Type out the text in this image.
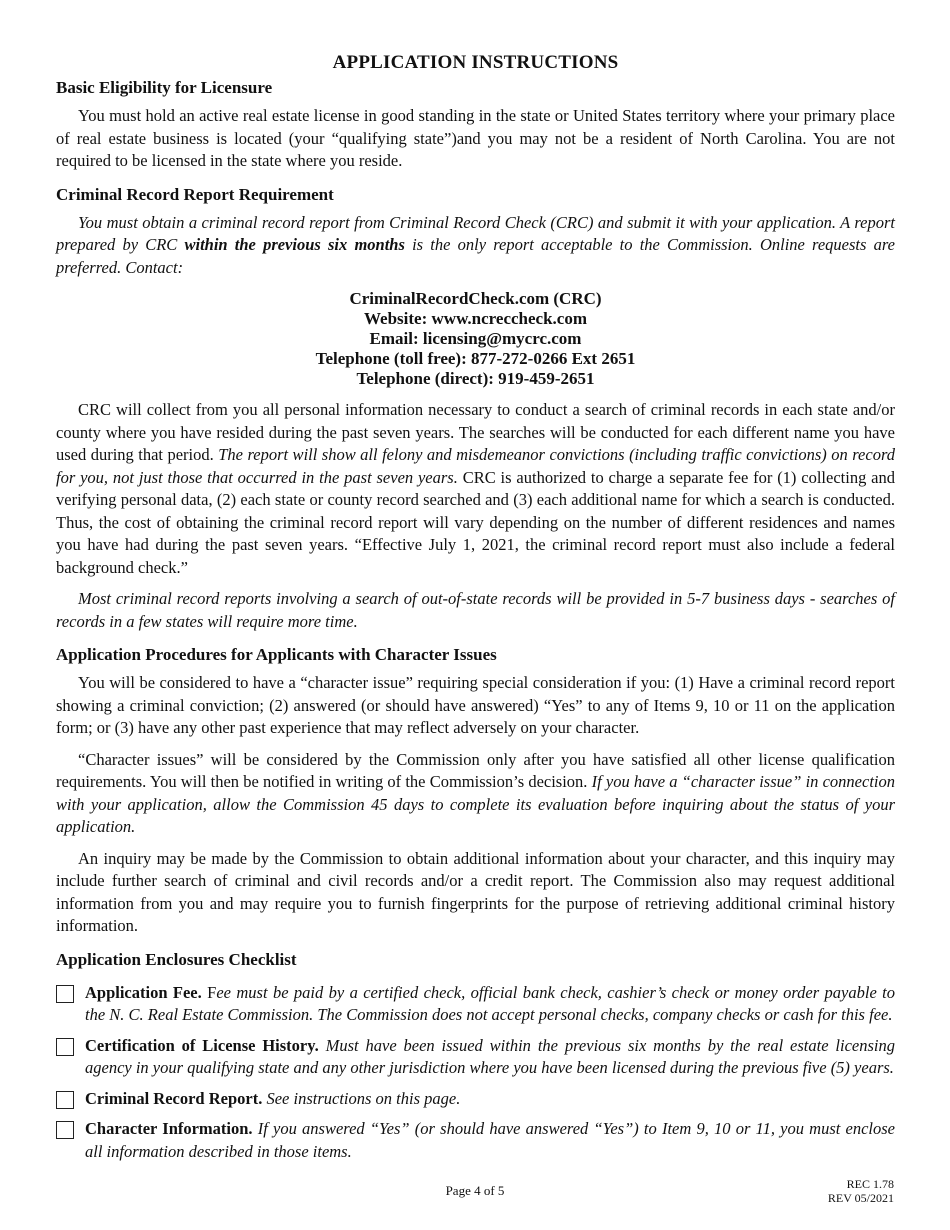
APPLICATION INSTRUCTIONS
Basic Eligibility for Licensure

You must hold an active real estate license in good standing in the state or United States territory where your primary place of real estate business is located (your “qualifying state”)and you may not be a resident of North Carolina. You are not required to be licensed in the state where you reside.

Criminal Record Report Requirement

You must obtain a criminal record report from Criminal Record Check (CRC) and submit it with your application. A report prepared by CRC within the previous six months is the only report acceptable to the Commission. Online requests are preferred. Contact:

CriminalRecordCheck.com (CRC)
Website: www.ncreccheck.com
Email: licensing@mycrc.com
Telephone (toll free): 877-272-0266 Ext 2651
Telephone (direct): 919-459-2651

CRC will collect from you all personal information necessary to conduct a search of criminal records in each state and/or county where you have resided during the past seven years. The searches will be conducted for each different name you have used during that period. The report will show all felony and misdemeanor convictions (including traffic convictions) on record for you, not just those that occurred in the past seven years. CRC is authorized to charge a separate fee for (1) collecting and verifying personal data, (2) each state or county record searched and (3) each additional name for which a search is conducted. Thus, the cost of obtaining the criminal record report will vary depending on the number of different residences and names you have had during the past seven years. “Effective July 1, 2021, the criminal record report must also include a federal background check.”

Most criminal record reports involving a search of out-of-state records will be provided in 5-7 business days - searches of records in a few states will require more time.

Application Procedures for Applicants with Character Issues

You will be considered to have a “character issue” requiring special consideration if you: (1) Have a criminal record report showing a criminal conviction; (2) answered (or should have answered) “Yes” to any of Items 9, 10 or 11 on the application form; or (3) have any other past experience that may reflect adversely on your character.

“Character issues” will be considered by the Commission only after you have satisfied all other license qualification requirements. You will then be notified in writing of the Commission’s decision. If you have a “character issue” in connection with your application, allow the Commission 45 days to complete its evaluation before inquiring about the status of your application.

An inquiry may be made by the Commission to obtain additional information about your character, and this inquiry may include further search of criminal and civil records and/or a credit report. The Commission also may request additional information from you and may require you to furnish fingerprints for the purpose of retrieving additional criminal history information.

Application Enclosures Checklist
Application Fee. Fee must be paid by a certified check, official bank check, cashier’s check or money order payable to the N. C. Real Estate Commission. The Commission does not accept personal checks, company checks or cash for this fee.
Certification of License History. Must have been issued within the previous six months by the real estate licensing agency in your qualifying state and any other jurisdiction where you have been licensed during the previous five (5) years.
Criminal Record Report. See instructions on this page.
Character Information. If you answered “Yes” (or should have answered “Yes”) to Item 9, 10 or 11, you must enclose all information described in those items.
Page 4 of 5	REC 1.78
REV 05/2021
